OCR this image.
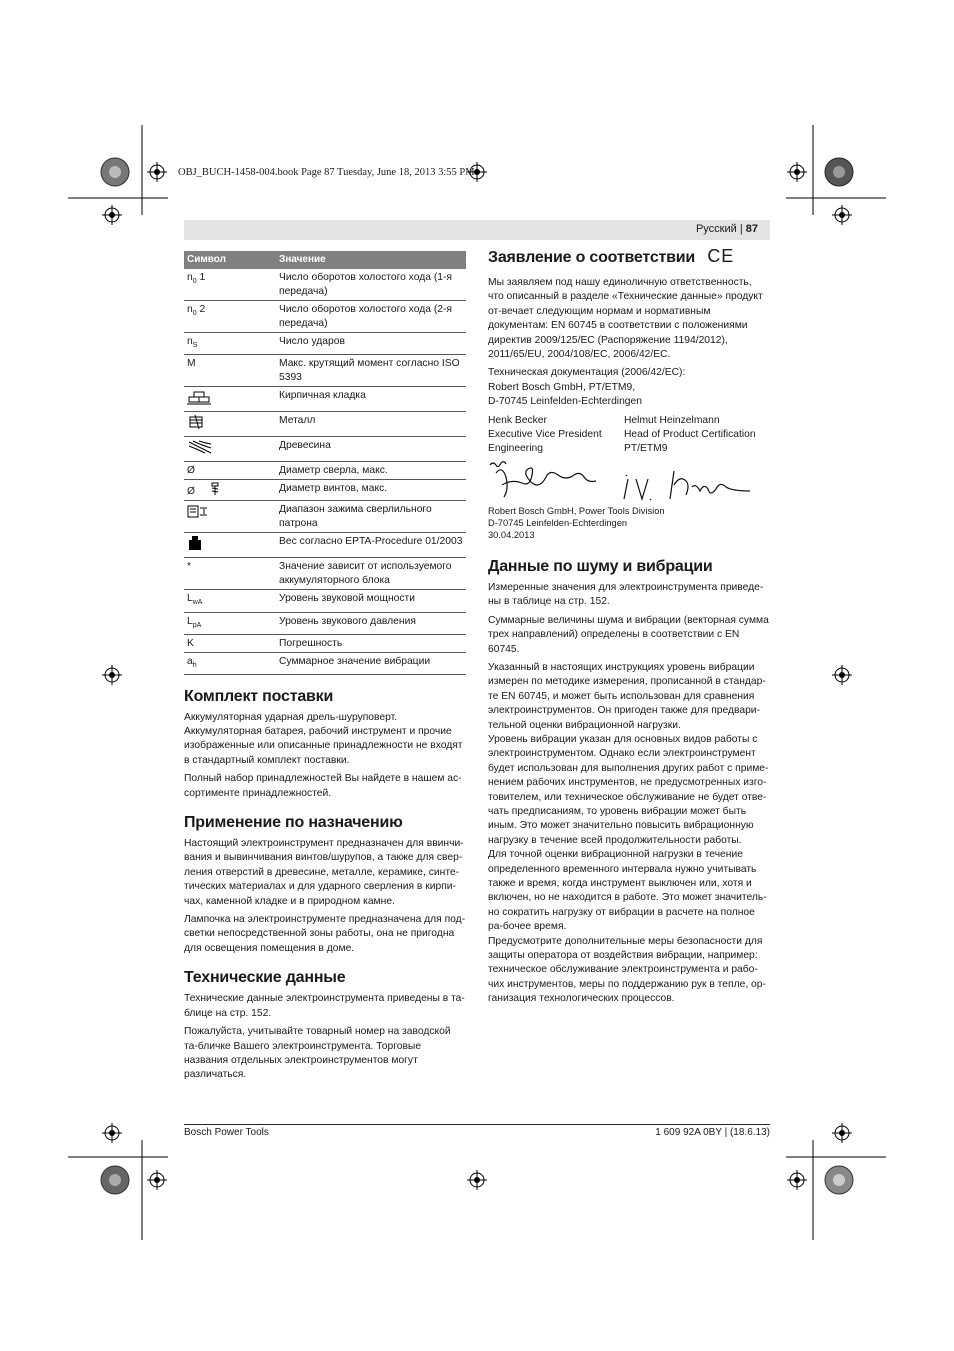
OBJ_BUCH-1458-004.book Page 87 Tuesday, June 18, 2013 3:55 PM
Русский | 87
Символ	Значение
$n_0$ 1	Число оборотов холостого хода (1-я передача)
$n_0$ 2	Число оборотов холостого хода (2-я передача)
$n_S$	Число ударов
M	Макс. крутящий момент согласно ISO 5393
	Кирпичная кладка
	Металл
	Древесина
Ø	Диаметр сверла, макс.
Ø	Диаметр винтов, макс.
	Диапазон зажима сверлильного патрона
	Вес согласно EPTA-Procedure 01/2003
*	Значение зависит от используемого аккумуляторного блока
$L_{wA}$	Уровень звуковой мощности
$L_{pA}$	Уровень звукового давления
K	Погрешность
$a_h$	Суммарное значение вибрации
Комплект поставки

Аккумуляторная ударная дрель-шуруповерт. Аккумуляторная батарея, рабочий инструмент и прочие изображенные или описанные принадлежности не входят в стандартный комплект поставки.

Полный набор принадлежностей Вы найдете в нашем ас-сортименте принадлежностей.

Применение по назначению

Настоящий электроинструмент предназначен для ввинчи-вания и вывинчивания винтов/шурупов, а также для свер-ления отверстий в древесине, металле, керамике, синте-тических материалах и для ударного сверления в кирпи-чах, каменной кладке и в природном камне.

Лампочка на электроинструменте предназначена для под-светки непосредственной зоны работы, она не пригодна для освещения помещения в доме.

Технические данные

Технические данные электроинструмента приведены в та-блице на стр. 152.

Пожалуйста, учитывайте товарный номер на заводской та-бличке Вашего электроинструмента. Торговые названия отдельных электроинструментов могут различаться.

Заявление о соответствии CE

Мы заявляем под нашу единоличную ответственность, что описанный в разделе «Технические данные» продукт от-вечает следующим нормам и нормативным документам: EN 60745 в соответствии с положениями директив 2009/125/EC (Распоряжение 1194/2012), 2011/65/EU, 2004/108/EC, 2006/42/EC.

Техническая документация (2006/42/EC):
Robert Bosch GmbH, PT/ETM9,
D-70745 Leinfelden-Echterdingen

Henk Becker
Executive Vice President
Engineering
Helmut Heinzelmann
Head of Product Certification
PT/ETM9
Robert Bosch GmbH, Power Tools Division
D-70745 Leinfelden-Echterdingen
30.04.2013
Данные по шуму и вибрации

Измеренные значения для электроинструмента приведе-ны в таблице на стр. 152.

Суммарные величины шума и вибрации (векторная сумма трех направлений) определены в соответствии с EN 60745.

Указанный в настоящих инструкциях уровень вибрации измерен по методике измерения, прописанной в стандар-те EN 60745, и может быть использован для сравнения электроинструментов. Он пригоден также для предвари-тельной оценки вибрационной нагрузки.

Уровень вибрации указан для основных видов работы с электроинструментом. Однако если электроинструмент будет использован для выполнения других работ с приме-нением рабочих инструментов, не предусмотренных изго-товителем, или техническое обслуживание не будет отве-чать предписаниям, то уровень вибрации может быть иным. Это может значительно повысить вибрационную нагрузку в течение всей продолжительности работы.

Для точной оценки вибрационной нагрузки в течение определенного временного интервала нужно учитывать также и время, когда инструмент выключен или, хотя и включен, но не находится в работе. Это может значитель-но сократить нагрузку от вибрации в расчете на полное ра-бочее время.

Предусмотрите дополнительные меры безопасности для защиты оператора от воздействия вибрации, например: техническое обслуживание электроинструмента и рабо-чих инструментов, меры по поддержанию рук в тепле, ор-ганизация технологических процессов.

Bosch Power Tools	1 609 92A 0BY | (18.6.13)
